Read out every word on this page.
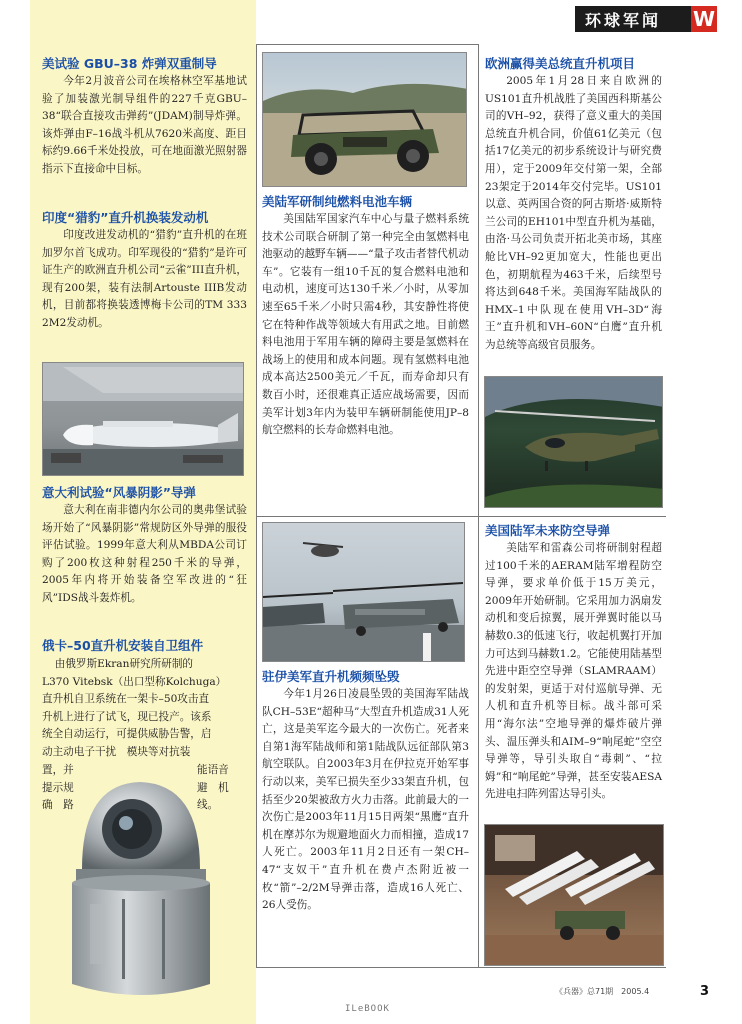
环球军闻	W
美试验 GBU–38 炸弹双重制导

今年2月波音公司在埃格林空军基地试验了加装激光制导组件的227千克GBU–38“联合直接攻击弹药”(JDAM)制导炸弹。该炸弹由F–16战斗机从7620米高度、距目标约9.66千米处投放，可在地面激光照射器指示下直接命中目标。

印度“猎豹”直升机换装发动机

印度改进发动机的“猎豹”直升机的在班加罗尔首飞成功。印军现役的“猎豹”是许可证生产的欧洲直升机公司“云雀”III直升机，现有200架，装有法制Artouste IIIB发动机，目前都将换装透博梅卡公司的TM 333 2M2发动机。

意大利试验“风暴阴影”导弹

意大利在南非德内尔公司的奥弗堡试验场开始了“风暴阴影”常规防区外导弹的服役评估试验。1999年意大利从MBDA公司订购了200枚这种射程250千米的导弹，2005年内将开始装备空军改进的“狂风”IDS战斗轰炸机。

俄卡–50直升机安装自卫组件

由俄罗斯Ekran研究所研制的

L370 Vitebsk（出口型称Kolchuga）

直升机自卫系统在一架卡–50攻击直

升机上进行了试飞，现已投产。该系

统全自动运行，可提供威胁告警，启

动主动电子干扰　模块等对抗装

置，并

提示规

确　路

能语音

避　机

线。

美陆军研制纯燃料电池车辆

美国陆军国家汽车中心与量子燃料系统技术公司联合研制了第一种完全由氢燃料电池驱动的越野车辆——“量子攻击者替代机动车”。它装有一组10千瓦的复合燃料电池和电动机，速度可达130千米／小时，从零加速至65千米／小时只需4秒，其安静性将使它在特种作战等领域大有用武之地。目前燃料电池用于军用车辆的障碍主要是氢燃料在战场上的使用和成本问题。现有氢燃料电池成本高达2500美元／千瓦，而寿命却只有数百小时，还很难真正适应战场需要，因而美军计划3年内为装甲车辆研制能使用JP–8航空燃料的长寿命燃料电池。

驻伊美军直升机频频坠毁

今年1月26日凌晨坠毁的美国海军陆战队CH–53E“超种马”大型直升机造成31人死亡，这是美军迄今最大的一次伤亡。死者来自第1海军陆战师和第1陆战队远征部队第3航空联队。自2003年3月在伊拉克开始军事行动以来，美军已损失至少33架直升机，包括至少20架被敌方火力击落。此前最大的一次伤亡是2003年11月15日两架“黑鹰”直升机在摩苏尔为规避地面火力而相撞，造成17人死亡。2003年11月2日还有一架CH–47“支奴干”直升机在费卢杰附近被一枚“箭”–2/2M导弹击落，造成16人死亡、26人受伤。

欧洲赢得美总统直升机项目

2005年1月28日来自欧洲的US101直升机战胜了美国西科斯基公司的VH–92，获得了意义重大的美国总统直升机合同，价值61亿美元（包括17亿美元的初步系统设计与研究费用），定于2009年交付第一架，全部23架定于2014年交付完毕。US101以意、英两国合资的阿古斯塔·威斯特兰公司的EH101中型直升机为基础，由洛·马公司负责开拓北美市场，其座舱比VH–92更加宽大，性能也更出色，初期航程为463千米，后续型号将达到648千米。美国海军陆战队的HMX–1中队现在使用VH–3D“海王”直升机和VH–60N“白鹰”直升机为总统等高级官员服务。

美国陆军未来防空导弹

美陆军和雷森公司将研制射程超过100千米的AERAM陆军增程防空导弹，要求单价低于15万美元，2009年开始研制。它采用加力涡扇发动机和变后掠翼，展开弹翼时能以马赫数0.3的低速飞行，收起机翼打开加力可达到马赫数1.2。它能使用陆基型先进中距空空导弹（SLAMRAAM）的发射架，更适于对付巡航导弹、无人机和直升机等目标。战斗部可采用“海尔法”空地导弹的爆炸破片弹头、温压弹头和AIM–9“响尾蛇”空空导弹等，导引头取自“毒刺”、“拉姆”和“响尾蛇”导弹，甚至安装AESA先进电扫阵列雷达导引头。

《兵器》总71期　2005.4	3
ILeBOOK
